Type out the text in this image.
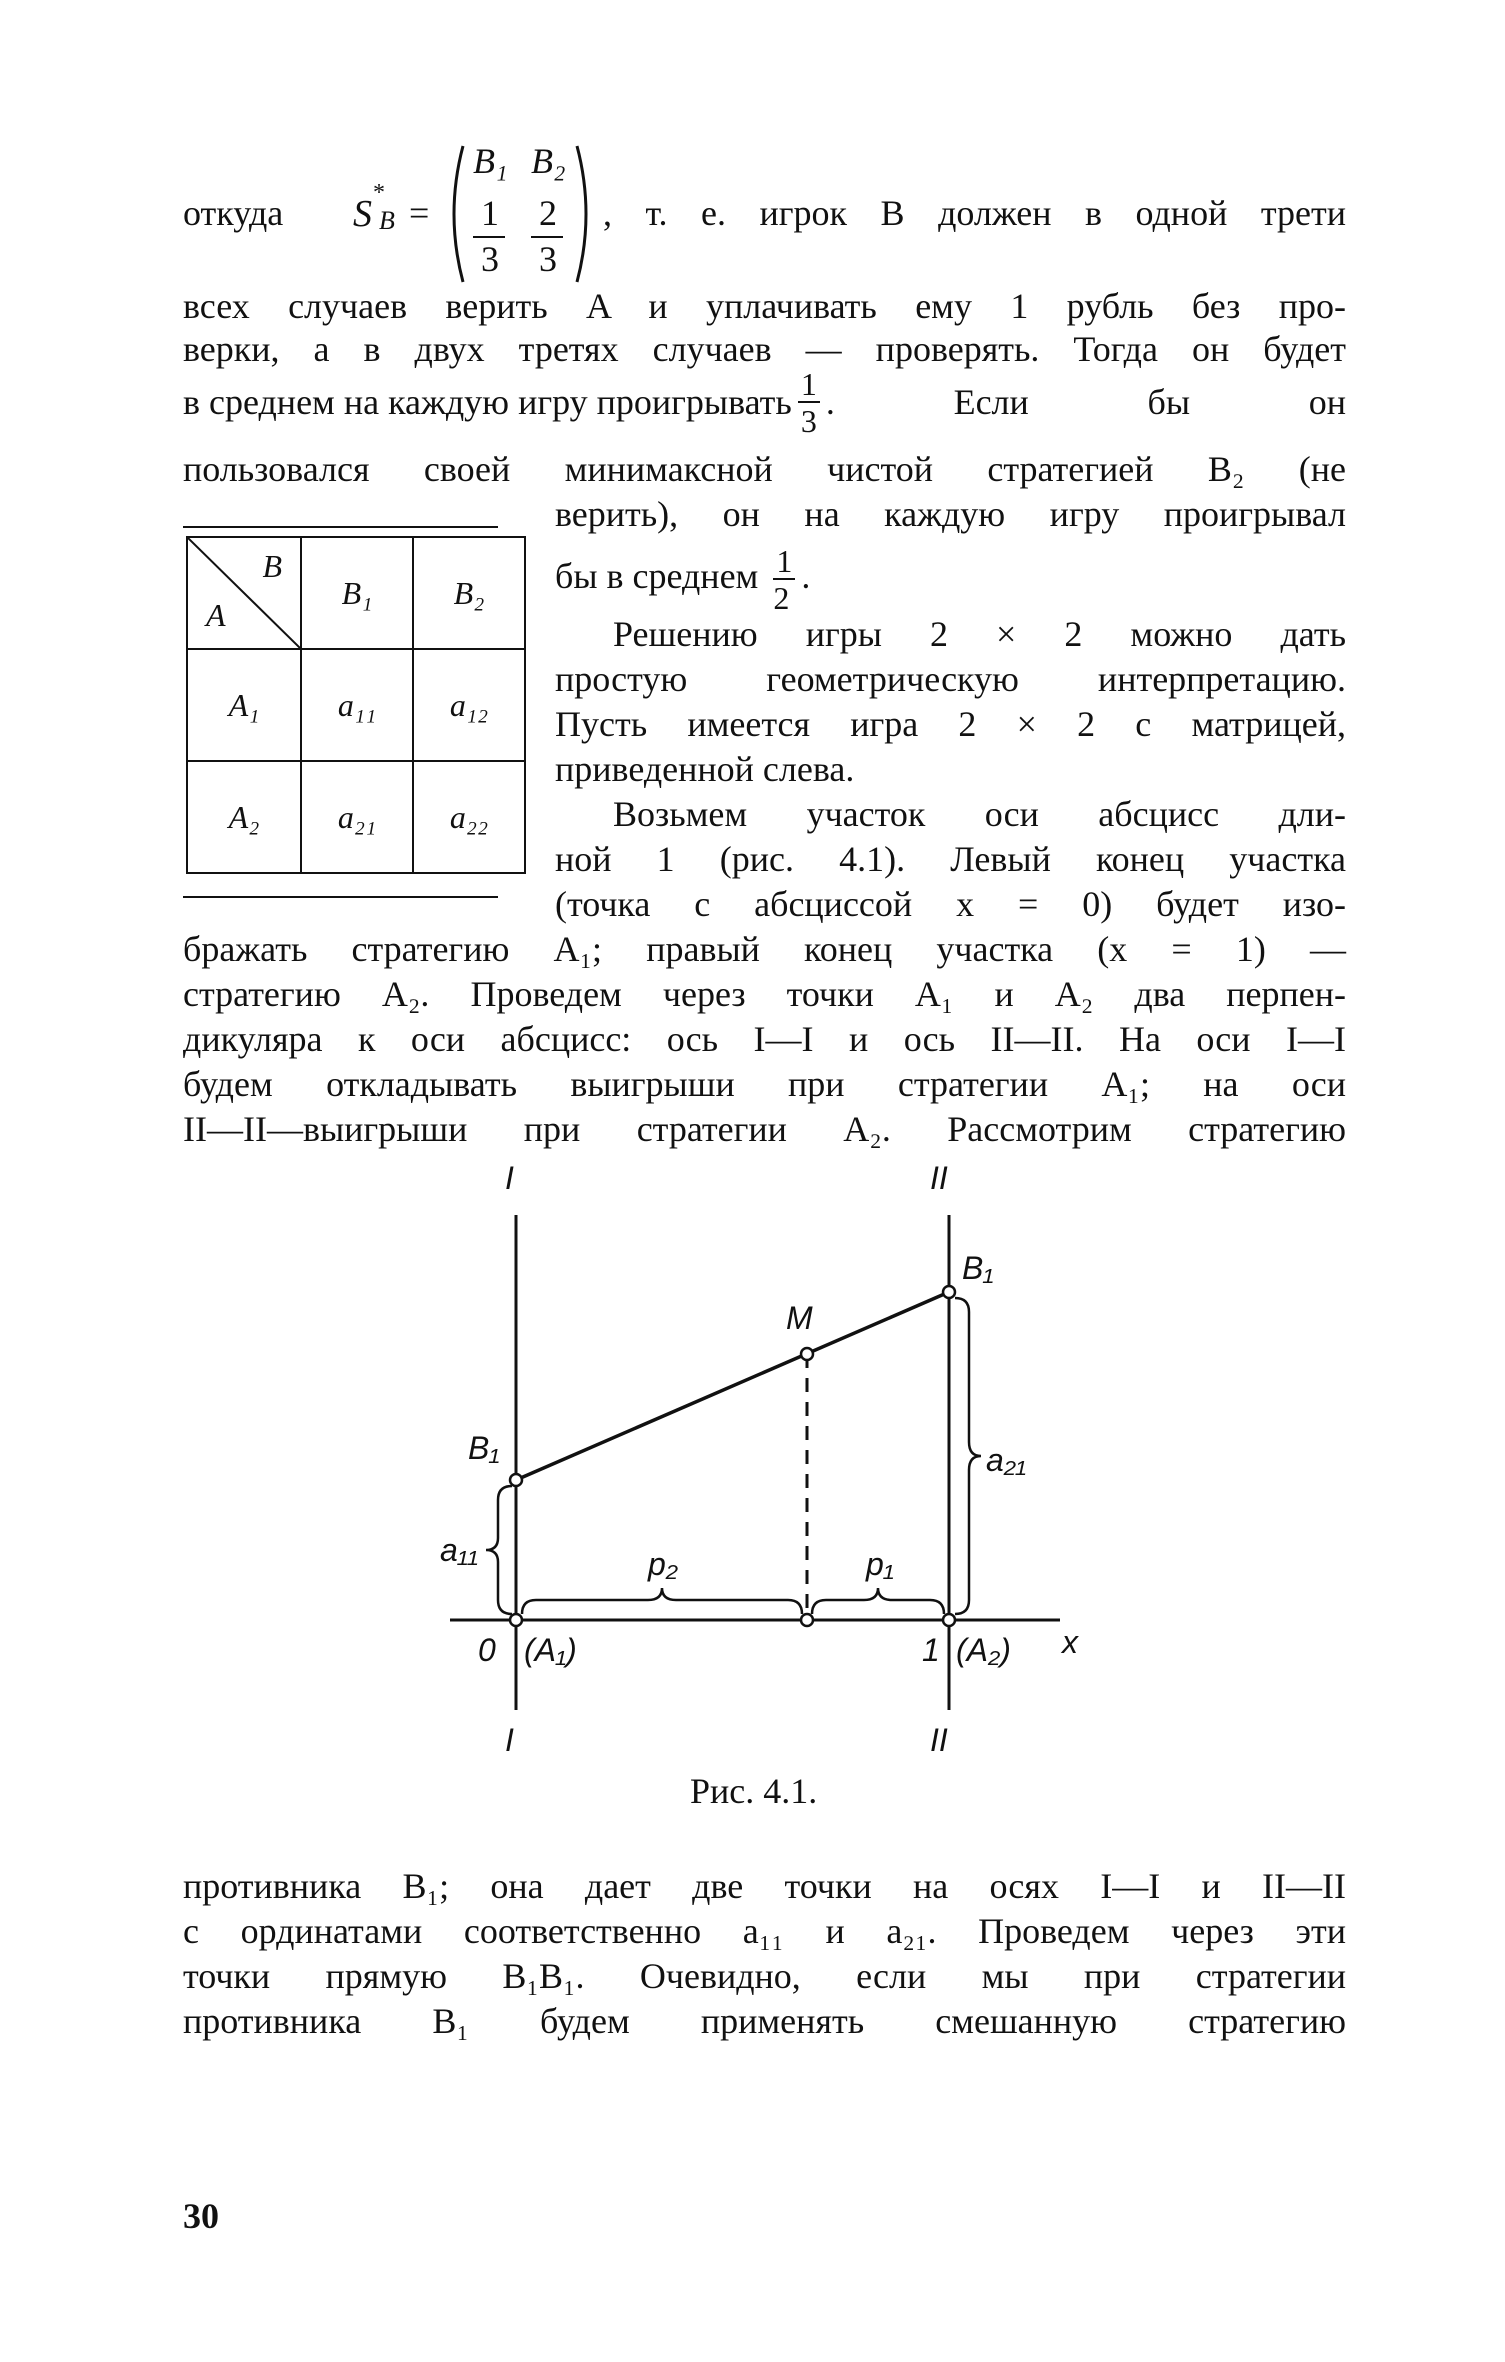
откуда S *
B =
B₁ B₂
1
3
2
3
, т. е. игрок B должен в одной трети
всех случаев верить A и уплачивать ему 1 рубль без про-
верки, а в двух третях случаев — проверять. Тогда он будет
в среднем на каждую игру проигрывать $\frac{1}{3}$ . Если бы он
пользовался своей минимаксной чистой стратегией B₂ (не
верить), он на каждую игру проигрывал
бы в среднем $\frac{1}{2}$ .
B
A	B₁	B₂
A₁	a₁₁	a₁₂
A₂	a₂₁	a₂₂
Решению игры 2 × 2 можно дать
простую геометрическую интерпретацию.
Пусть имеется игра 2 × 2 с матрицей,
приведенной слева.
Возьмем участок оси абсцисс дли-
ной 1 (рис. 4.1). Левый конец участка
(точка с абсциссой x = 0) будет изо-
бражать стратегию A₁; правый конец участка (x = 1) —
стратегию A₂. Проведем через точки A₁ и A₂ два перпен-
дикуляра к оси абсцисс: ось I—I и ось II—II. На оси I—I
будем откладывать выигрыши при стратегии A₁; на оси
II—II—выигрыши при стратегии A₂. Рассмотрим стратегию
I
I
II
II
B₁
B₁
M
a₁₁
a₂₁
p₂	p₁
0 (A₁)	1 (A₂) x
Рис. 4.1.
противника B₁; она дает две точки на осях I—I и II—II
с ординатами соответственно a₁₁ и a₂₁. Проведем через эти
точки прямую B₁B₁. Очевидно, если мы при стратегии
противника B₁ будем применять смешанную стратегию
30
